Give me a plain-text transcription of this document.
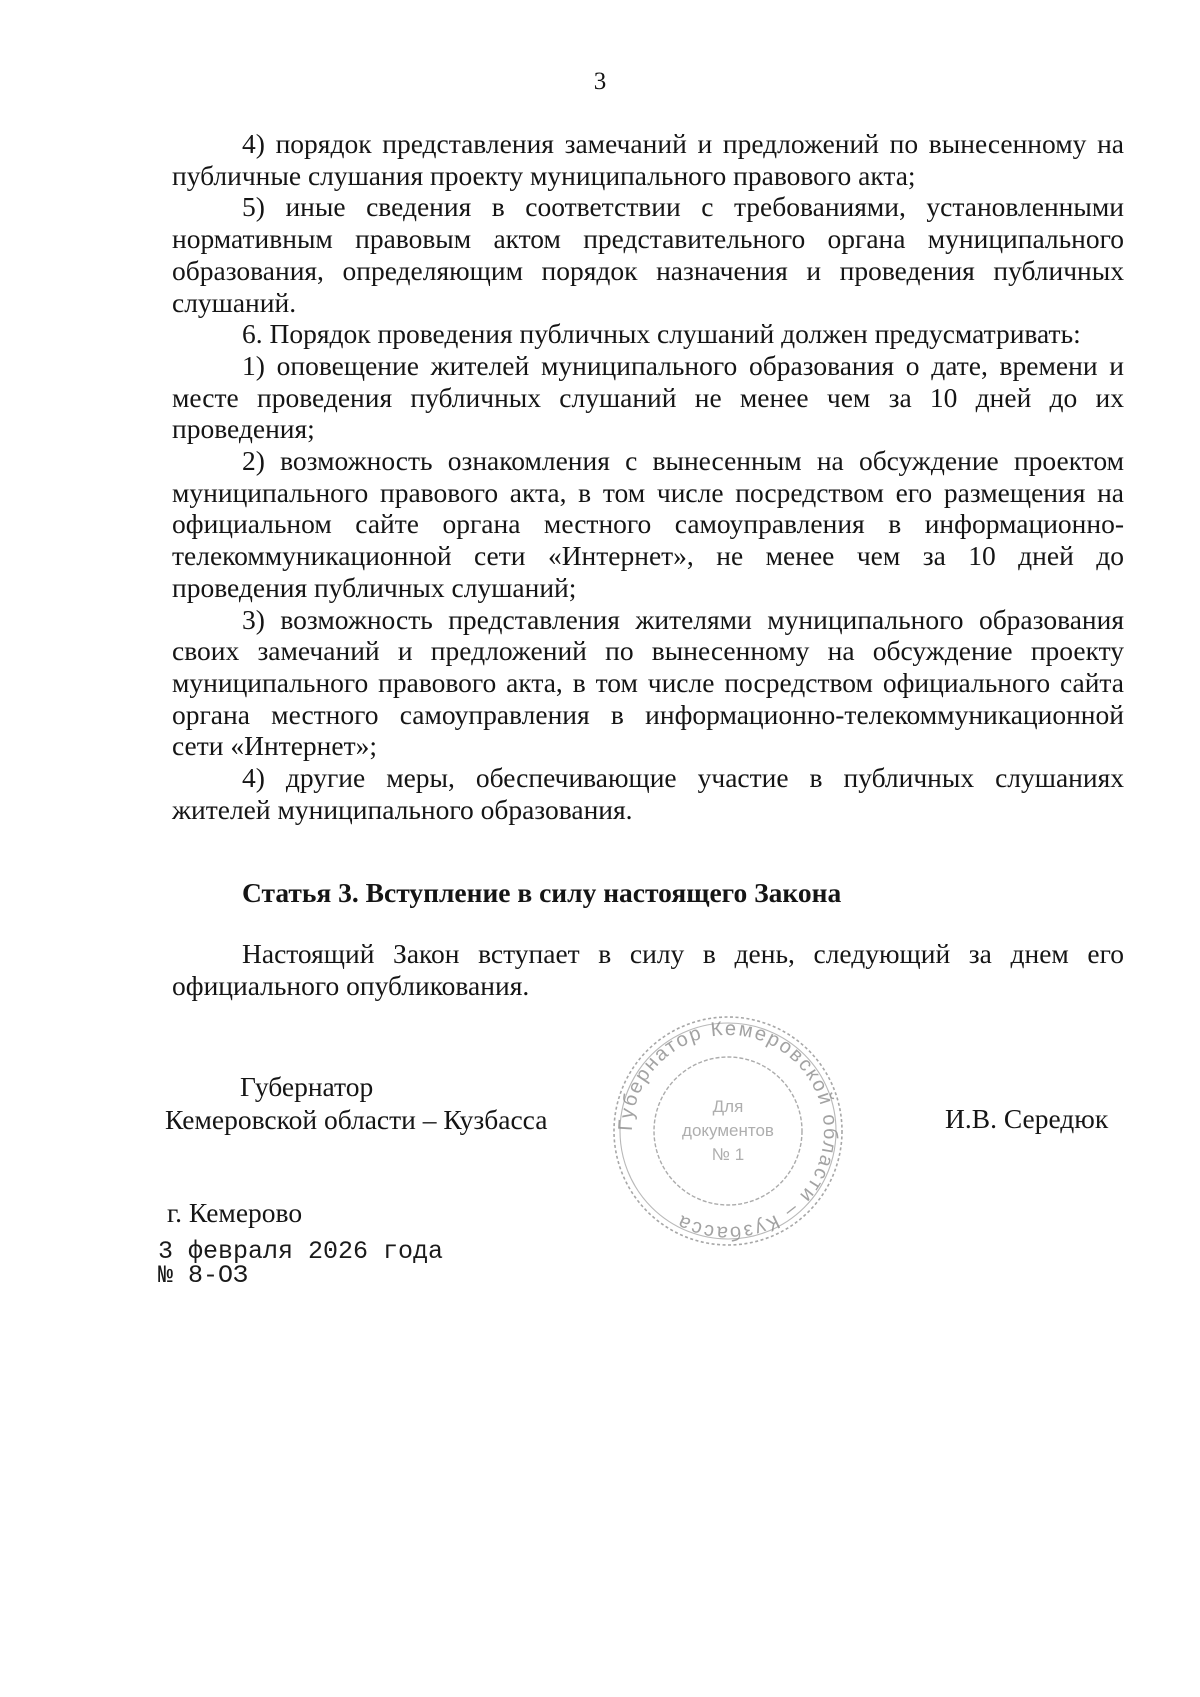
3

4) порядок представления замечаний и предложений по вынесенному на публичные слушания проекту муниципального правового акта;

5) иные сведения в соответствии с требованиями, установленными нормативным правовым актом представительного органа муниципального образования, определяющим порядок назначения и проведения публичных слушаний.

6. Порядок проведения публичных слушаний должен предусматривать:

1) оповещение жителей муниципального образования о дате, времени и месте проведения публичных слушаний не менее чем за 10 дней до их проведения;

2) возможность ознакомления с вынесенным на обсуждение проектом муниципального правового акта, в том числе посредством его размещения на официальном сайте органа местного самоуправления в информационно-телекоммуникационной сети «Интернет», не менее чем за 10 дней до проведения публичных слушаний;

3) возможность представления жителями муниципального образования своих замечаний и предложений по вынесенному на обсуждение проекту муниципального правового акта, в том числе посредством официального сайта органа местного самоуправления в информационно-телекоммуникационной сети «Интернет»;

4) другие меры, обеспечивающие участие в публичных слушаниях жителей муниципального образования.

Статья 3. Вступление в силу настоящего Закона

Настоящий Закон вступает в силу в день, следующий за днем его официального опубликования.

Губернатор
Кемеровской области – Кузбасса	Губернатор Кемеровской области – Кузбасса
Для
документов
№ 1
И.В. Середюк
г. Кемерово
3 февраля 2026 года
№ 8-ОЗ
